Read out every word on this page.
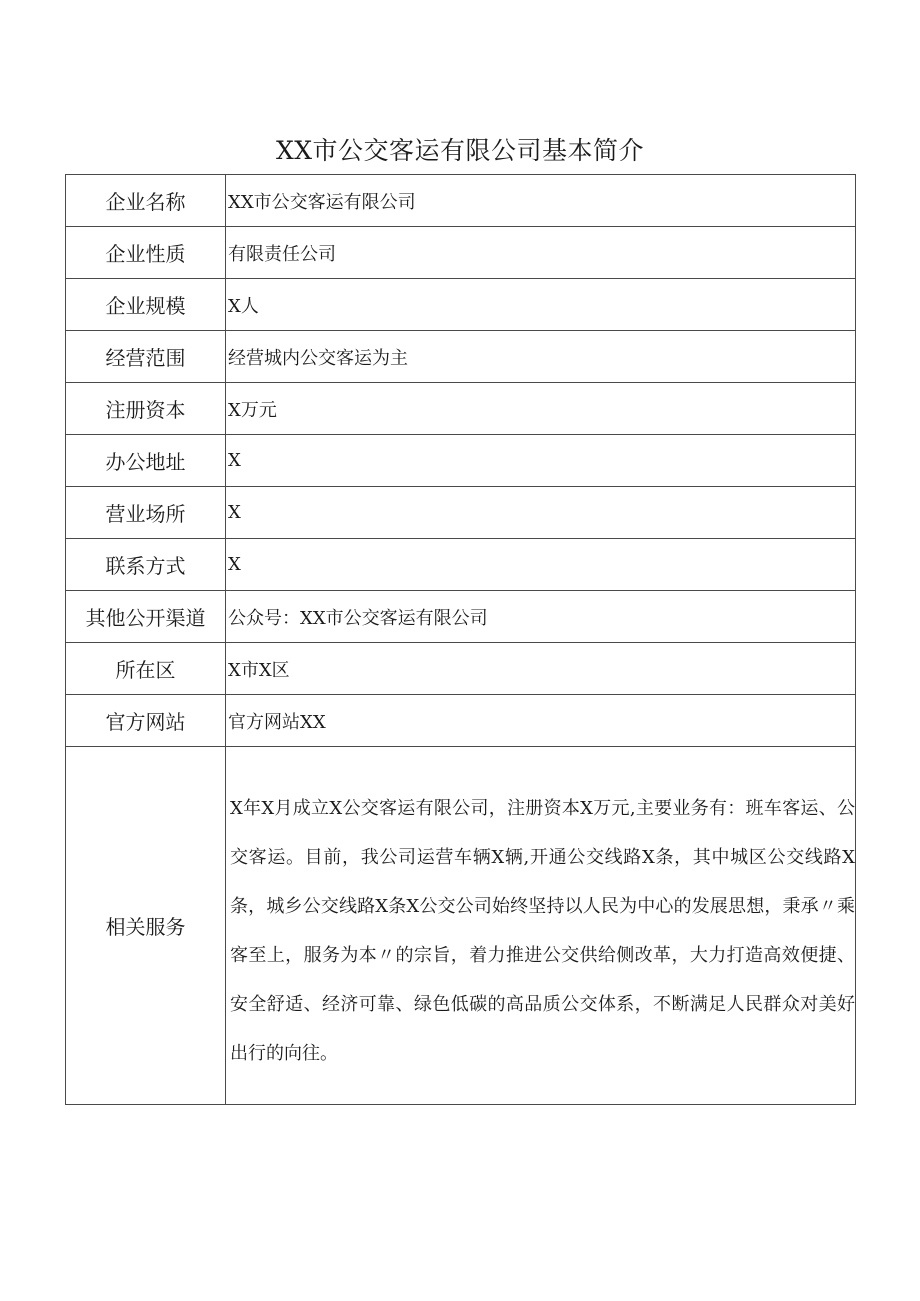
XX市公交客运有限公司基本简介
企业名称	XX市公交客运有限公司
企业性质	有限责任公司
企业规模	X人
经营范围	经营城内公交客运为主
注册资本	X万元
办公地址	X
营业场所	X
联系方式	X
其他公开渠道	公众号：XX市公交客运有限公司
所在区	X市X区
官方网站	官方网站XX
相关服务	X年X月成立X公交客运有限公司，注册资本X万元,主要业务有：班车客运、公交客运。目前，我公司运营车辆X辆,开通公交线路X条，其中城区公交线路X条，城乡公交线路X条X公交公司始终坚持以人民为中心的发展思想，秉承〃乘客至上，服务为本〃的宗旨，着力推进公交供给侧改革，大力打造高效便捷、安全舒适、经济可靠、绿色低碳的高品质公交体系，不断满足人民群众对美好出行的向往。
